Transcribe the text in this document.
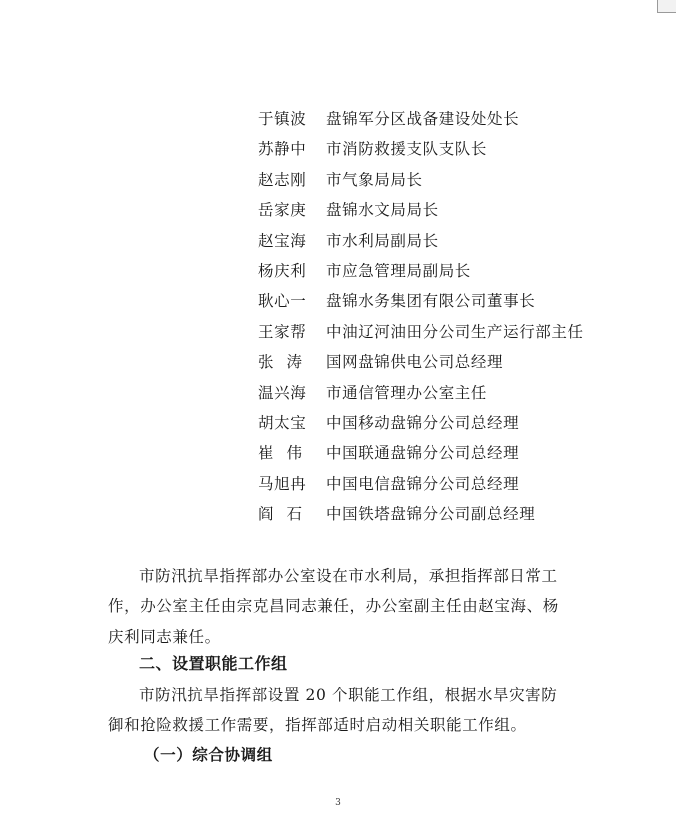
于镇波	盘锦军分区战备建设处处长
苏静中	市消防救援支队支队长
赵志刚	市气象局局长
岳家庚	盘锦水文局局长
赵宝海	市水利局副局长
杨庆利	市应急管理局副局长
耿心一	盘锦水务集团有限公司董事长
王家帮	中油辽河油田分公司生产运行部主任
张涛 国网盘锦供电公司总经理
温兴海	市通信管理办公室主任
胡太宝	中国移动盘锦分公司总经理
崔伟 中国联通盘锦分公司总经理
马旭冉	中国电信盘锦分公司总经理
阎石 中国铁塔盘锦分公司副总经理

市防汛抗旱指挥部办公室设在市水利局，承担指挥部日常工作，办公室主任由宗克昌同志兼任，办公室副主任由赵宝海、杨庆利同志兼任。

二、设置职能工作组

市防汛抗旱指挥部设置 20 个职能工作组，根据水旱灾害防御和抢险救援工作需要，指挥部适时启动相关职能工作组。

（一）综合协调组
3
